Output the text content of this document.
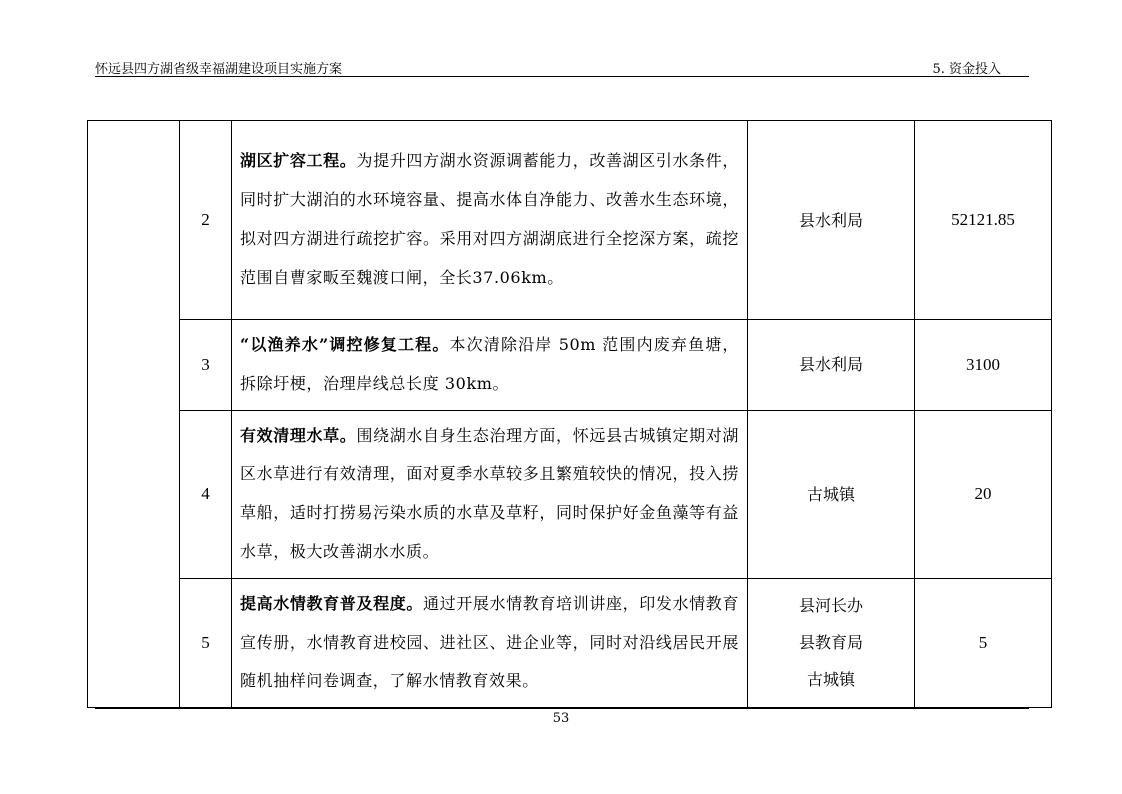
怀远县四方湖省级幸福湖建设项目实施方案	5. 资金投入
	2	湖区扩容工程。为提升四方湖水资源调蓄能力，改善湖区引水条件，同时扩大湖泊的水环境容量、提高水体自净能力、改善水生态环境，拟对四方湖进行疏挖扩容。采用对四方湖湖底进行全挖深方案，疏挖范围自曹家畈至魏渡口闸，全长37.06km。	县水利局	52121.85
	3	“以渔养水”调控修复工程。本次清除沿岸 50m 范围内废弃鱼塘，拆除圩梗，治理岸线总长度 30km。	县水利局	3100
	4	有效清理水草。围绕湖水自身生态治理方面，怀远县古城镇定期对湖区水草进行有效清理，面对夏季水草较多且繁殖较快的情况，投入捞草船，适时打捞易污染水质的水草及草籽，同时保护好金鱼藻等有益水草，极大改善湖水水质。	古城镇	20
	5	提高水情教育普及程度。通过开展水情教育培训讲座，印发水情教育宣传册，水情教育进校园、进社区、进企业等，同时对沿线居民开展随机抽样问卷调查，了解水情教育效果。	县河长办
县教育局
古城镇	5
53
